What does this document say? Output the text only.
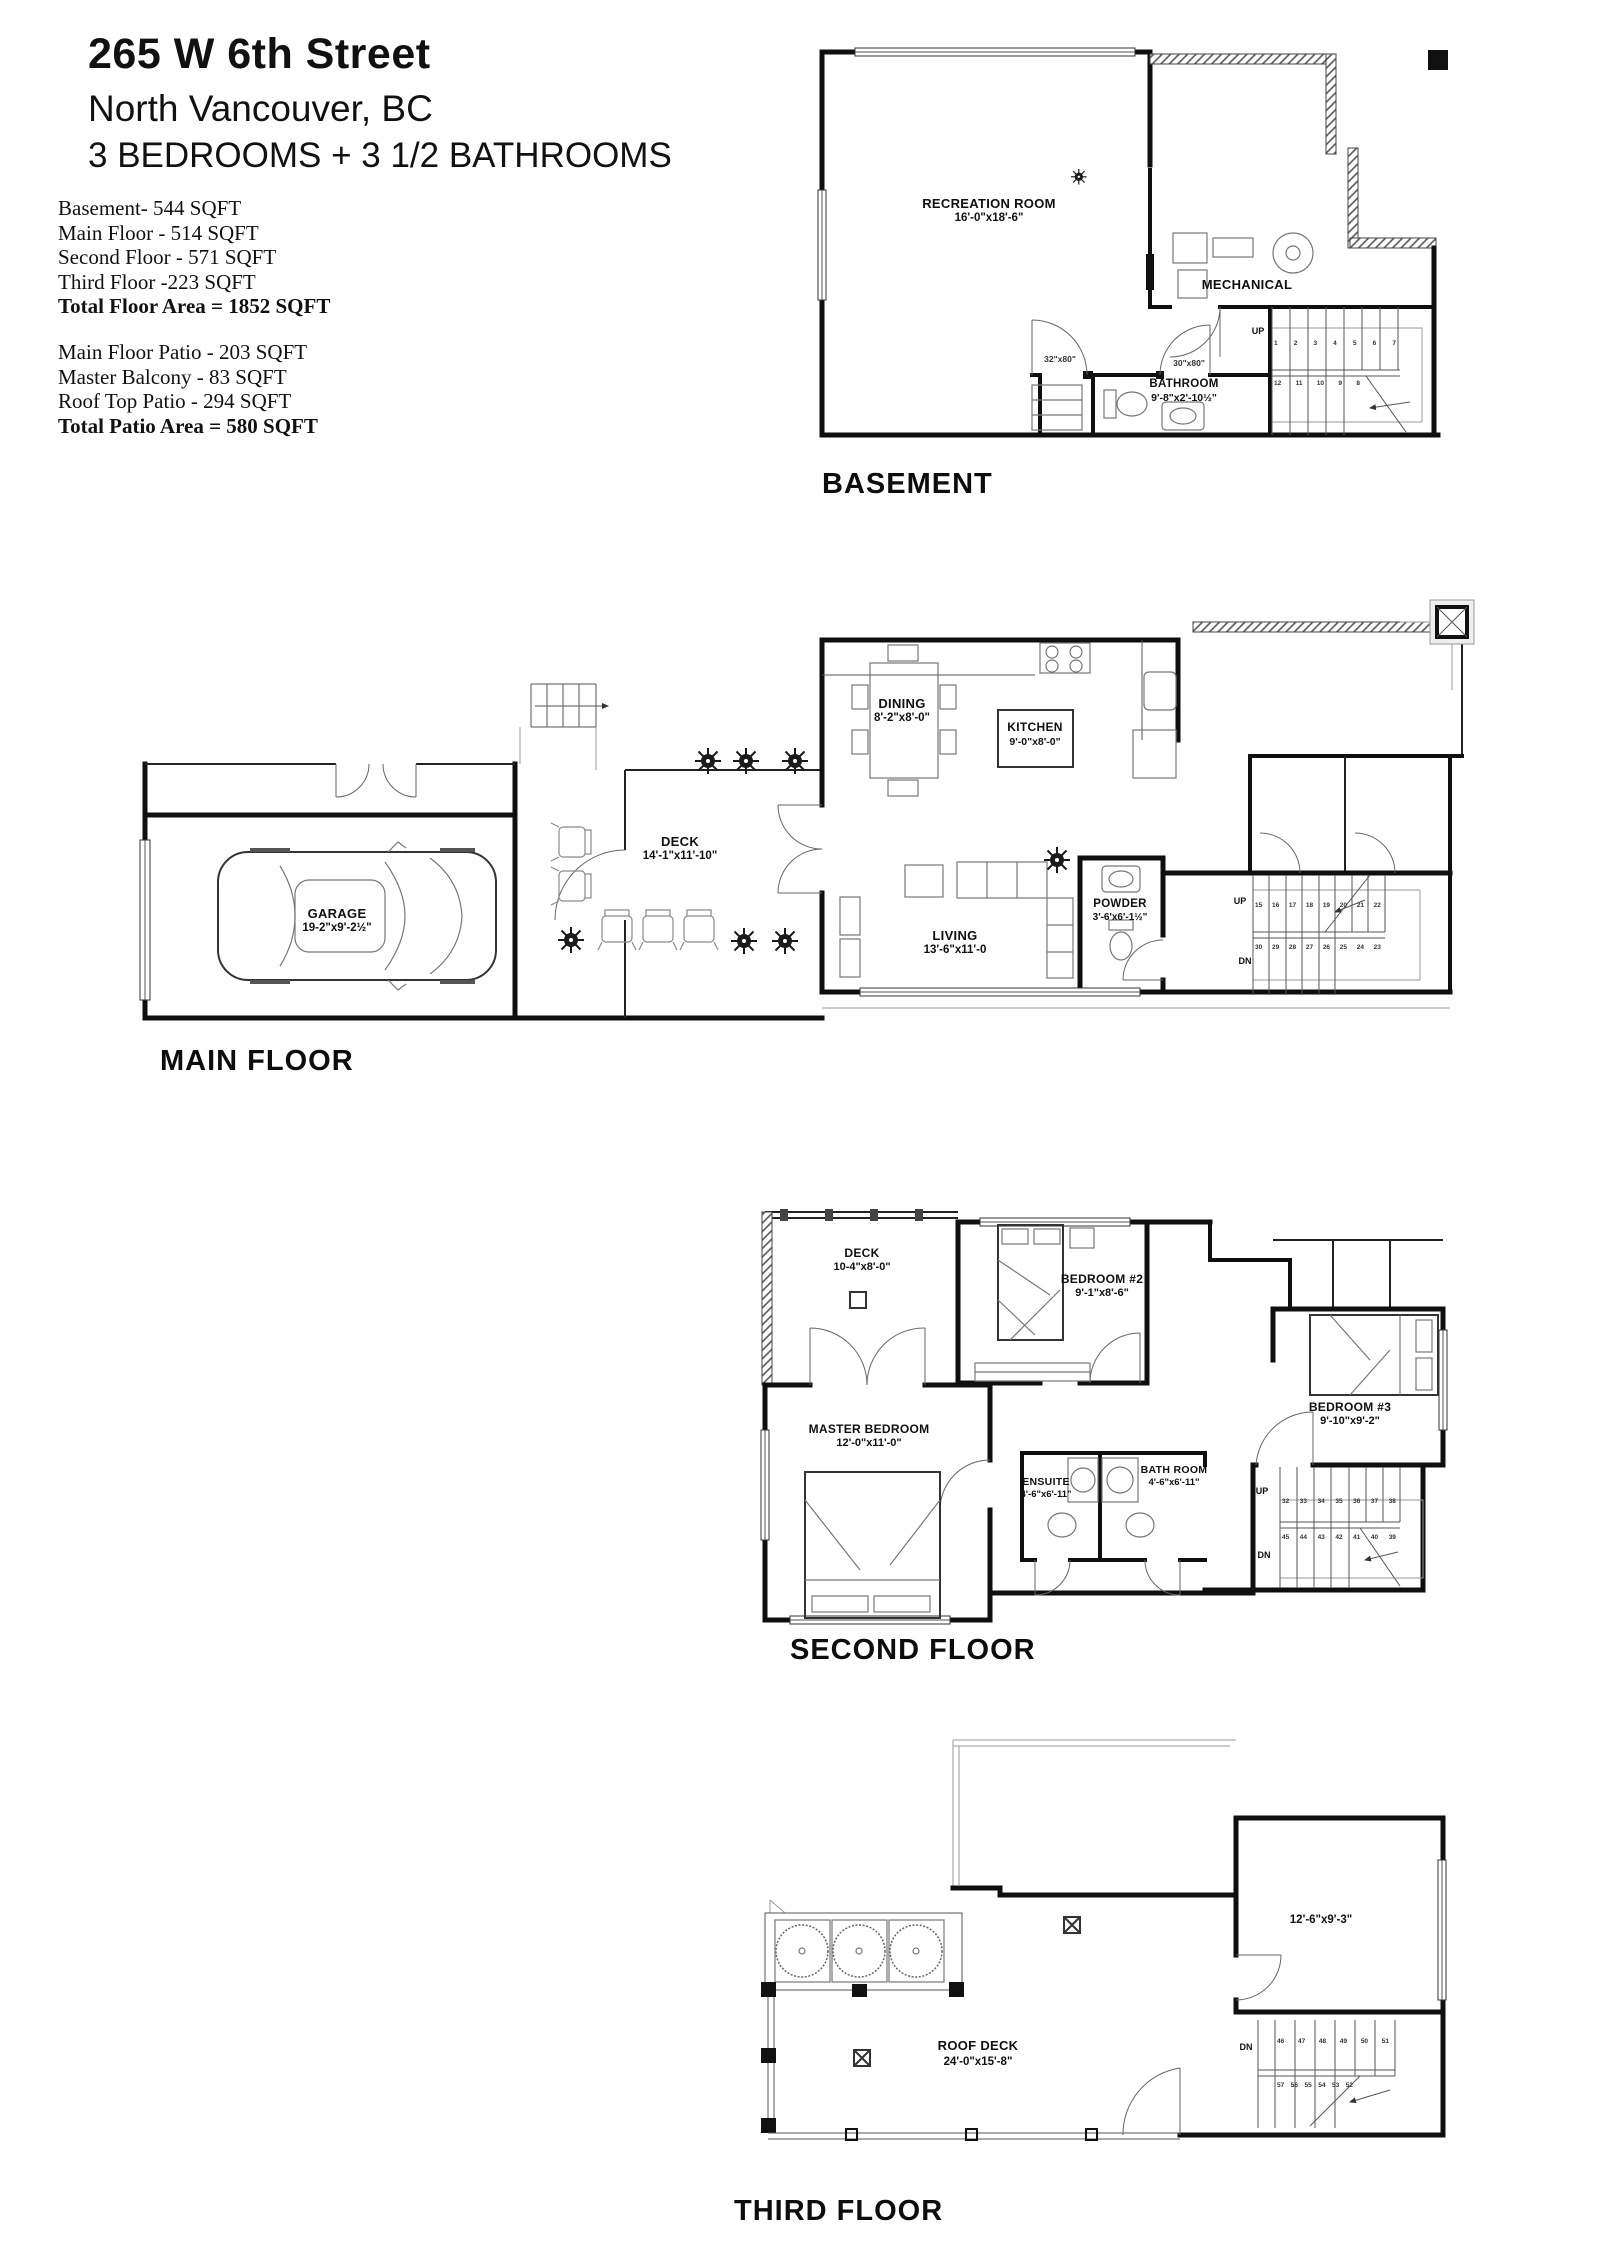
265 W 6th Street
North Vancouver, BC
3 BEDROOMS + 3 1/2 BATHROOMS
Basement- 544 SQFT
Main Floor - 514 SQFT
Second Floor - 571 SQFT
Third Floor -223 SQFT
Total Floor Area = 1852 SQFT
Main Floor Patio - 203 SQFT
Master Balcony - 83 SQFT
Roof Top Patio - 294 SQFT
Total Patio Area = 580 SQFT
RECREATION ROOM
16'-0"x18'-6"
MECHANICAL
BATHROOM
9'-8"x2'-10½"
32"x80"	30"x80"
UP
1 2 3 4 5 6 7
12 11 10 9 8
BASEMENT
GARAGE
19-2"x9'-2½"
DECK
14'-1"x11'-10"
DINING
8'-2"x8'-0"
KITCHEN
9'-0"x8'-0"
LIVING
13'-6"x11'-0
POWDER
3'-6'x6'-1½"
UP
DN
15 16 17 18 19 20 21 22
30 29 28 27 26 25 24 23
MAIN FLOOR
DECK
10-4"x8'-0"
BEDROOM #2
9'-1"x8'-6"
BEDROOM #3
9'-10"x9'-2"
MASTER BEDROOM
12'-0"x11'-0"
ENSUITE
4'-6"x6'-11"
BATH ROOM
4'-6"x6'-11"
UP
DN
32 33 34 35 36 37 38
45 44 43 42 41 40 39
SECOND FLOOR
12'-6"x9'-3"
ROOF DECK
24'-0"x15'-8"
DN
46 47 48 49 50 51
57 56 55 54 53 52
THIRD FLOOR
